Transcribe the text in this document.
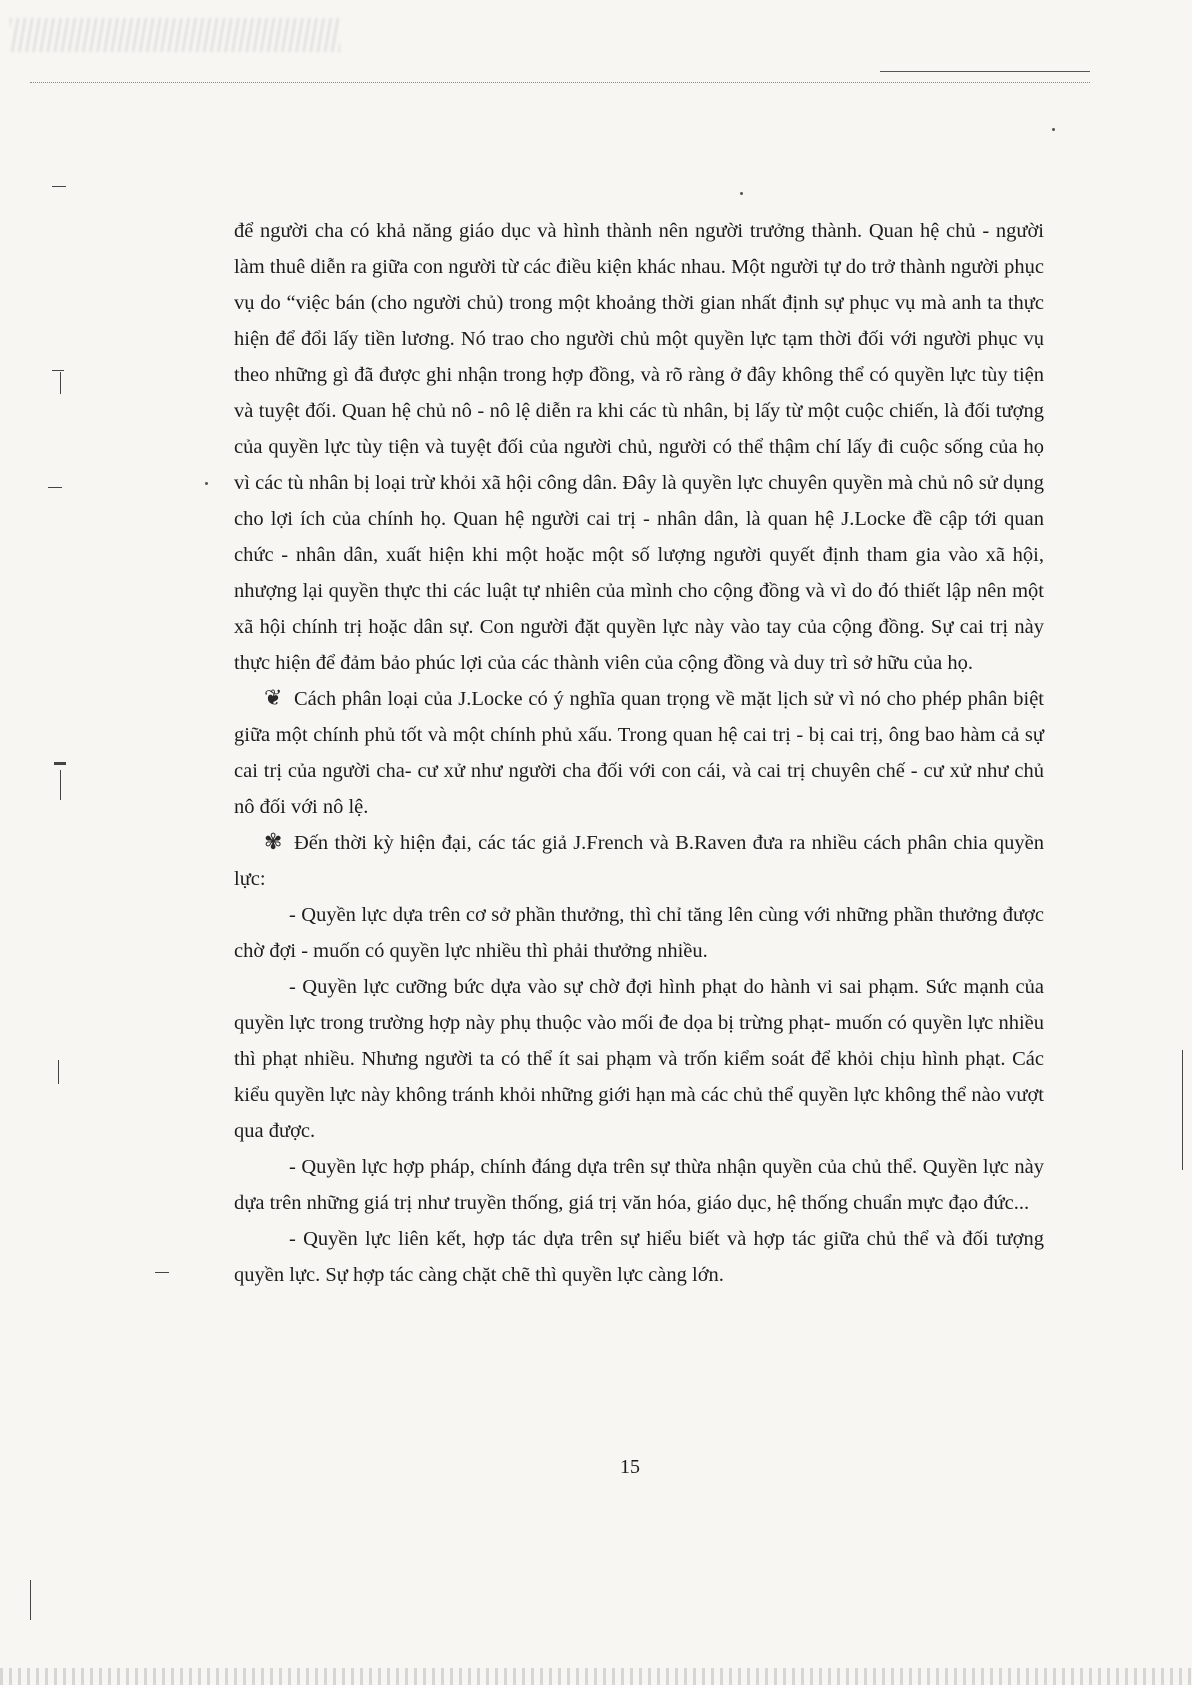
để người cha có khả năng giáo dục và hình thành nên người trưởng thành. Quan hệ chủ - người làm thuê diễn ra giữa con người từ các điều kiện khác nhau. Một người tự do trở thành người phục vụ do “việc bán (cho người chủ) trong một khoảng thời gian nhất định sự phục vụ mà anh ta thực hiện để đổi lấy tiền lương. Nó trao cho người chủ một quyền lực tạm thời đối với người phục vụ theo những gì đã được ghi nhận trong hợp đồng, và rõ ràng ở đây không thể có quyền lực tùy tiện và tuyệt đối. Quan hệ chủ nô - nô lệ diễn ra khi các tù nhân, bị lấy từ một cuộc chiến, là đối tượng của quyền lực tùy tiện và tuyệt đối của người chủ, người có thể thậm chí lấy đi cuộc sống của họ vì các tù nhân bị loại trừ khỏi xã hội công dân. Đây là quyền lực chuyên quyền mà chủ nô sử dụng cho lợi ích của chính họ. Quan hệ người cai trị - nhân dân, là quan hệ J.Locke đề cập tới quan chức - nhân dân, xuất hiện khi một hoặc một số lượng người quyết định tham gia vào xã hội, nhượng lại quyền thực thi các luật tự nhiên của mình cho cộng đồng và vì do đó thiết lập nên một xã hội chính trị hoặc dân sự. Con người đặt quyền lực này vào tay của cộng đồng. Sự cai trị này thực hiện để đảm bảo phúc lợi của các thành viên của cộng đồng và duy trì sở hữu của họ.

❦ Cách phân loại của J.Locke có ý nghĩa quan trọng về mặt lịch sử vì nó cho phép phân biệt giữa một chính phủ tốt và một chính phủ xấu. Trong quan hệ cai trị - bị cai trị, ông bao hàm cả sự cai trị của người cha- cư xử như người cha đối với con cái, và cai trị chuyên chế - cư xử như chủ nô đối với nô lệ.

✾ Đến thời kỳ hiện đại, các tác giả J.French và B.Raven đưa ra nhiều cách phân chia quyền lực:

- Quyền lực dựa trên cơ sở phần thưởng, thì chỉ tăng lên cùng với những phần thưởng được chờ đợi - muốn có quyền lực nhiều thì phải thưởng nhiều.

- Quyền lực cưỡng bức dựa vào sự chờ đợi hình phạt do hành vi sai phạm. Sức mạnh của quyền lực trong trường hợp này phụ thuộc vào mối đe dọa bị trừng phạt- muốn có quyền lực nhiều thì phạt nhiều. Nhưng người ta có thể ít sai phạm và trốn kiểm soát để khỏi chịu hình phạt. Các kiểu quyền lực này không tránh khỏi những giới hạn mà các chủ thể quyền lực không thể nào vượt qua được.

- Quyền lực hợp pháp, chính đáng dựa trên sự thừa nhận quyền của chủ thể. Quyền lực này dựa trên những giá trị như truyền thống, giá trị văn hóa, giáo dục, hệ thống chuẩn mực đạo đức...

- Quyền lực liên kết, hợp tác dựa trên sự hiểu biết và hợp tác giữa chủ thể và đối tượng quyền lực. Sự hợp tác càng chặt chẽ thì quyền lực càng lớn.

15
